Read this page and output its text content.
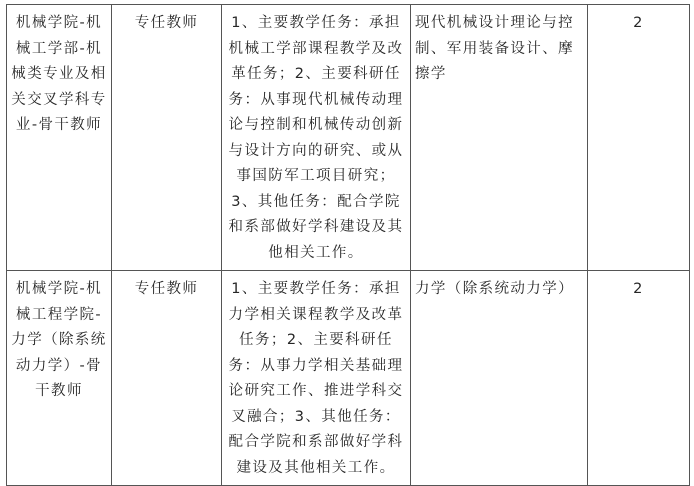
机械学院-机械工学部-机械类专业及相关交叉学科专业-骨干教师	专任教师	1、主要教学任务：承担机械工学部课程教学及改革任务；2、主要科研任务：从事现代机械传动理论与控制和机械传动创新与设计方向的研究、或从事国防军工项目研究；3、其他任务：配合学院和系部做好学科建设及其他相关工作。	现代机械设计理论与控制、军用装备设计、摩擦学	2
机械学院-机械工程学院-力学（除系统动力学）-骨干教师	专任教师	1、主要教学任务：承担力学相关课程教学及改革任务；2、主要科研任务：从事力学相关基础理论研究工作、推进学科交叉融合；3、其他任务：配合学院和系部做好学科建设及其他相关工作。	力学（除系统动力学）	2
